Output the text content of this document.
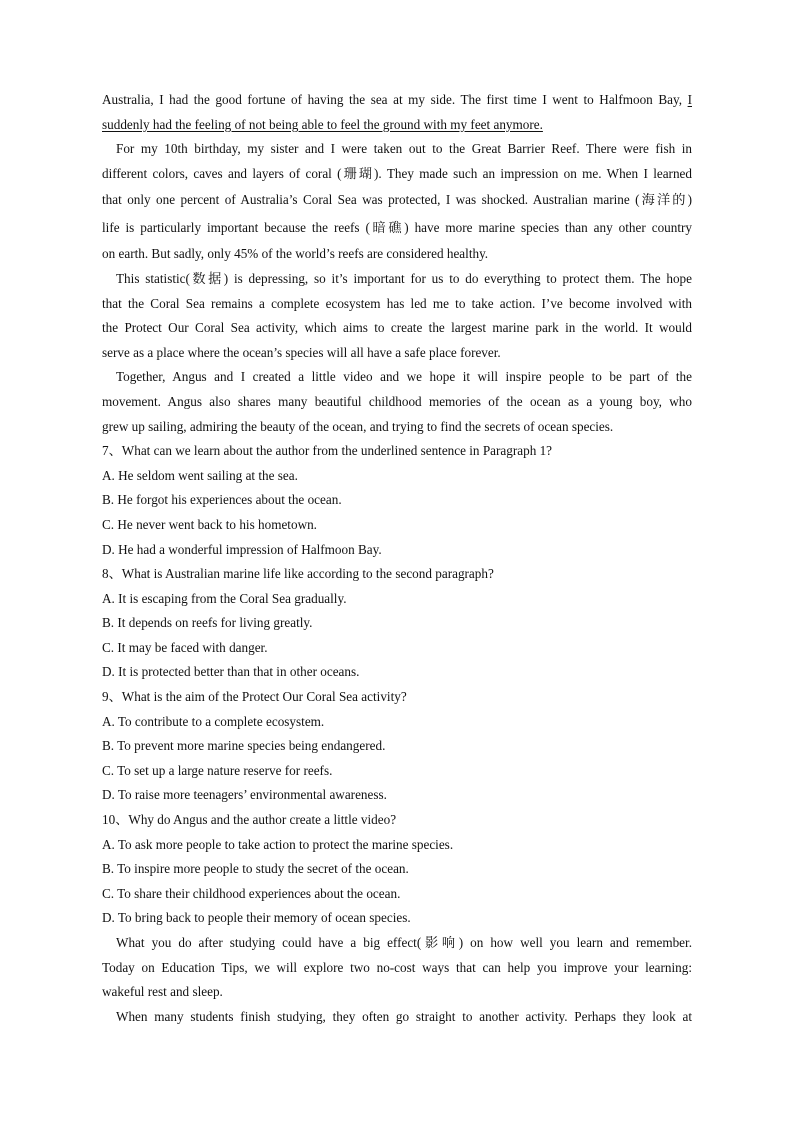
Australia, I had the good fortune of having the sea at my side. The first time I went to Halfmoon Bay, I
suddenly had the feeling of not being able to feel the ground with my feet anymore.
For my 10th birthday, my sister and I were taken out to the Great Barrier Reef. There were fish in
different colors, caves and layers of coral (珊瑚). They made such an impression on me. When I learned
that only one percent of Australia’s Coral Sea was protected, I was shocked. Australian marine (海洋的)
life is particularly important because the reefs (暗礁) have more marine species than any other country
on earth. But sadly, only 45% of the world’s reefs are considered healthy.
This statistic(数据) is depressing, so it’s important for us to do everything to protect them. The hope
that the Coral Sea remains a complete ecosystem has led me to take action. I’ve become involved with
the Protect Our Coral Sea activity, which aims to create the largest marine park in the world. It would
serve as a place where the ocean’s species will all have a safe place forever.
Together, Angus and I created a little video and we hope it will inspire people to be part of the
movement. Angus also shares many beautiful childhood memories of the ocean as a young boy, who
grew up sailing, admiring the beauty of the ocean, and trying to find the secrets of ocean species.
7、What can we learn about the author from the underlined sentence in Paragraph 1?
A. He seldom went sailing at the sea.
B. He forgot his experiences about the ocean.
C. He never went back to his hometown.
D. He had a wonderful impression of Halfmoon Bay.
8、What is Australian marine life like according to the second paragraph?
A. It is escaping from the Coral Sea gradually.
B. It depends on reefs for living greatly.
C. It may be faced with danger.
D. It is protected better than that in other oceans.
9、What is the aim of the Protect Our Coral Sea activity?
A. To contribute to a complete ecosystem.
B. To prevent more marine species being endangered.
C. To set up a large nature reserve for reefs.
D. To raise more teenagers’ environmental awareness.
10、Why do Angus and the author create a little video?
A. To ask more people to take action to protect the marine species.
B. To inspire more people to study the secret of the ocean.
C. To share their childhood experiences about the ocean.
D. To bring back to people their memory of ocean species.
What you do after studying could have a big effect(影响) on how well you learn and remember.
Today on Education Tips, we will explore two no-cost ways that can help you improve your learning:
wakeful rest and sleep.
When many students finish studying, they often go straight to another activity. Perhaps they look at
